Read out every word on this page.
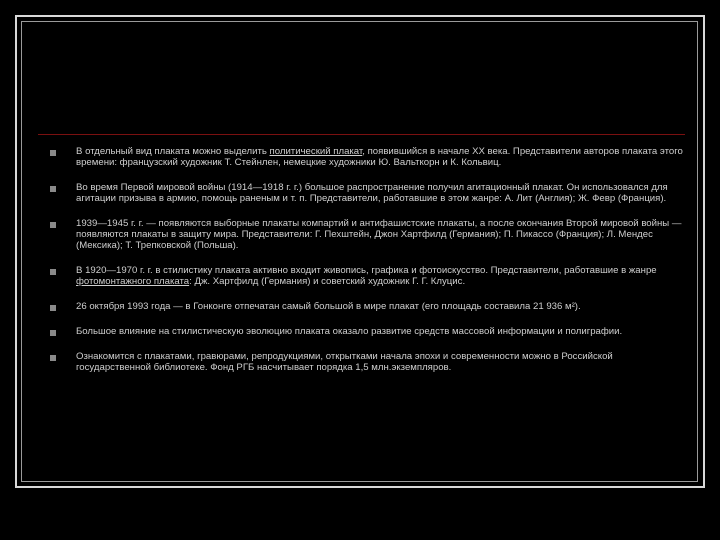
В отдельный вид плаката можно выделить политический плакат, появившийся в начале XX века. Представители авторов плаката этого времени: французский художник Т. Стейнлен, немецкие художники Ю. Вальткорн и К. Кольвиц.
Во время Первой мировой войны (1914—1918 г. г.) большое распространение получил агитационный плакат. Он использовался для агитации призыва в армию, помощь раненым и т. п. Представители, работавшие в этом жанре: А. Лит (Англия); Ж. Февр (Франция).
1939—1945 г. г. — появляются выборные плакаты компартий и антифашистские плакаты, а после окончания Второй мировой войны — появляются плакаты в защиту мира. Представители: Г. Пехштейн, Джон Хартфилд (Германия); П. Пикассо (Франция); Л. Мендес (Мексика); Т. Трепковской (Польша).
В 1920—1970 г. г. в стилистику плаката активно входит живопись, графика и фотоискусство. Представители, работавшие в жанре фотомонтажного плаката: Дж. Хартфилд (Германия) и советский художник Г. Г. Клуцис.
26 октября 1993 года — в Гонконге отпечатан самый большой в мире плакат (его площадь составила 21 936 м²).
Большое влияние на стилистическую эволюцию плаката оказало развитие средств массовой информации и полиграфии.
Ознакомится с плакатами, гравюрами, репродукциями, открытками начала эпохи и современности можно в Российской государственной библиотеке. Фонд РГБ насчитывает порядка 1,5 млн.экземпляров.
